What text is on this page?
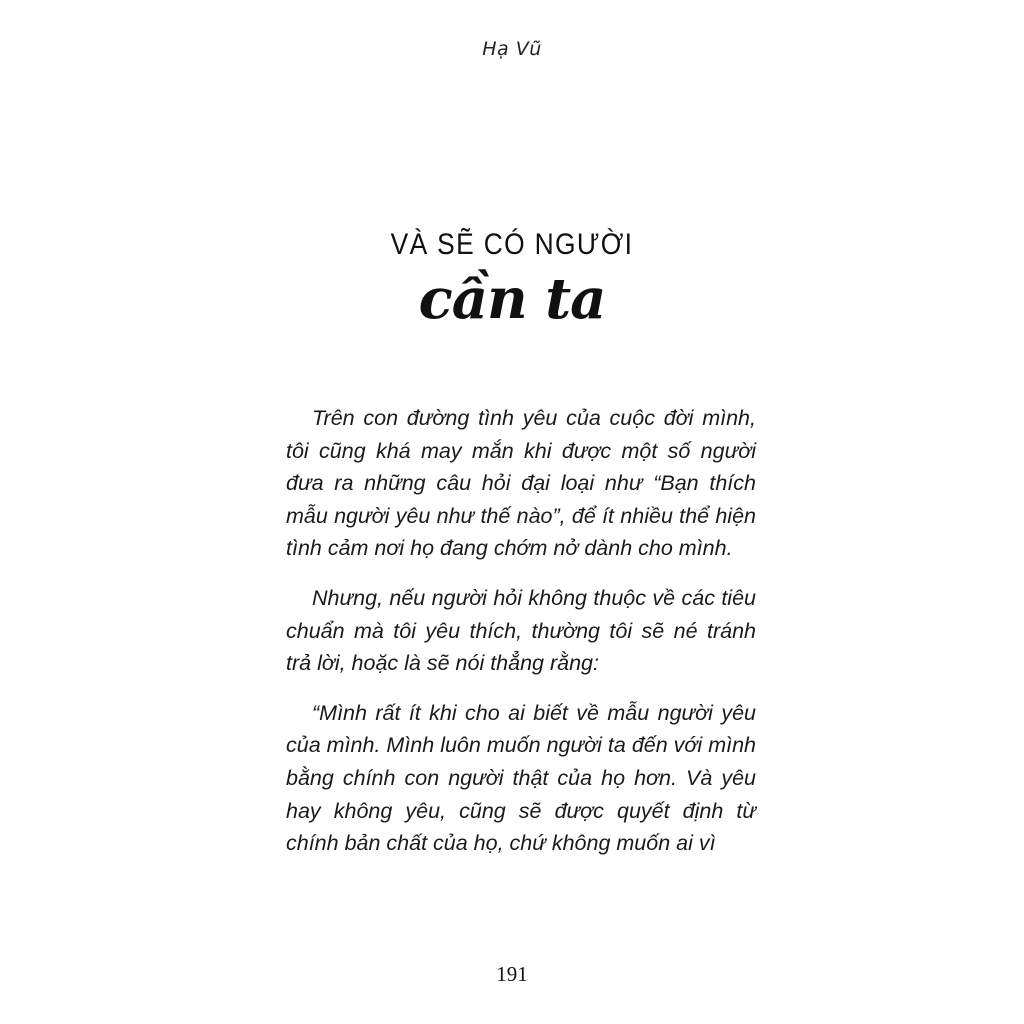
Hạ Vũ
VÀ SẼ CÓ NGƯỜI
cần ta

Trên con đường tình yêu của cuộc đời mình, tôi cũng khá may mắn khi được một số người đưa ra những câu hỏi đại loại như “Bạn thích mẫu người yêu như thế nào”, để ít nhiều thể hiện tình cảm nơi họ đang chớm nở dành cho mình.

Nhưng, nếu người hỏi không thuộc về các tiêu chuẩn mà tôi yêu thích, thường tôi sẽ né tránh trả lời, hoặc là sẽ nói thẳng rằng:

“Mình rất ít khi cho ai biết về mẫu người yêu của mình. Mình luôn muốn người ta đến với mình bằng chính con người thật của họ hơn. Và yêu hay không yêu, cũng sẽ được quyết định từ chính bản chất của họ, chứ không muốn ai vì

191
